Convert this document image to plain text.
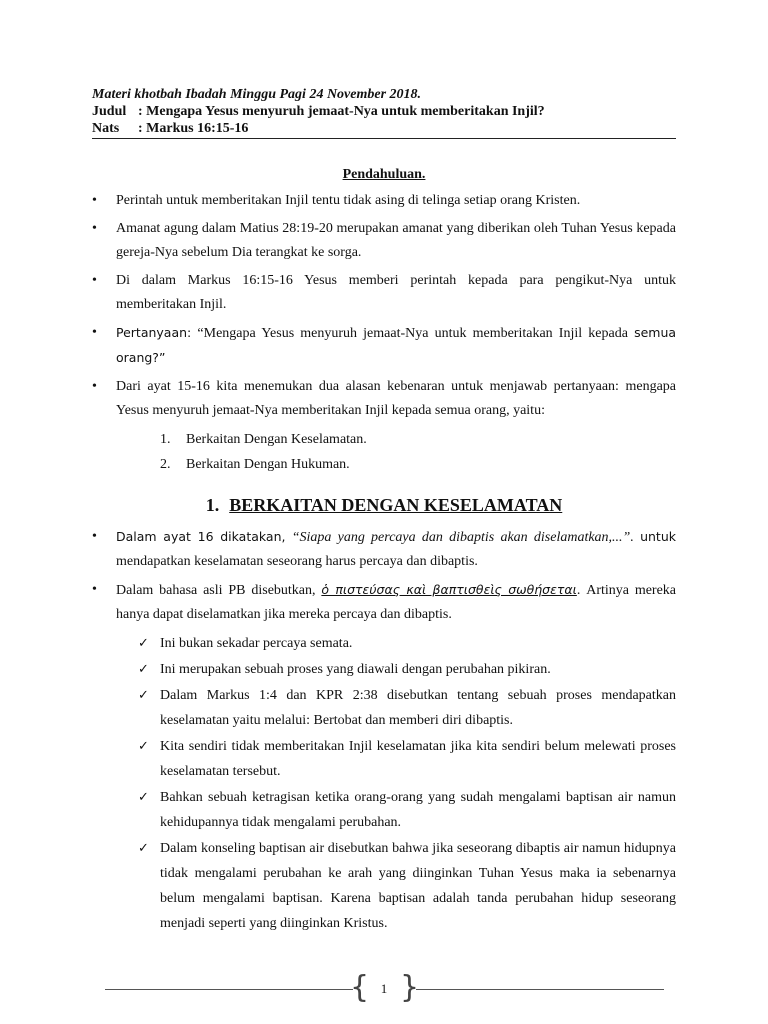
Materi khotbah Ibadah Minggu Pagi 24 November 2018.
Judul : Mengapa Yesus menyuruh jemaat-Nya untuk memberitakan Injil?
Nats : Markus 16:15-16
Pendahuluan.
• Perintah untuk memberitakan Injil tentu tidak asing di telinga setiap orang Kristen.
• Amanat agung dalam Matius 28:19-20 merupakan amanat yang diberikan oleh Tuhan Yesus kepada gereja-Nya sebelum Dia terangkat ke sorga.
• Di dalam Markus 16:15-16 Yesus memberi perintah kepada para pengikut-Nya untuk memberitakan Injil.
• Pertanyaan: “Mengapa Yesus menyuruh jemaat-Nya untuk memberitakan Injil kepada semua orang?”
• Dari ayat 15-16 kita menemukan dua alasan kebenaran untuk menjawab pertanyaan: mengapa Yesus menyuruh jemaat-Nya memberitakan Injil kepada semua orang, yaitu:
1. Berkaitan Dengan Keselamatan.
2. Berkaitan Dengan Hukuman.
1. BERKAITAN DENGAN KESELAMATAN
• Dalam ayat 16 dikatakan, “Siapa yang percaya dan dibaptis akan diselamatkan,...”. untuk mendapatkan keselamatan seseorang harus percaya dan dibaptis.
• Dalam bahasa asli PB disebutkan, ὁ πιστεύσας καὶ βαπτισθεὶς σωθήσεται. Artinya mereka hanya dapat diselamatkan jika mereka percaya dan dibaptis.
✓ Ini bukan sekadar percaya semata.
✓ Ini merupakan sebuah proses yang diawali dengan perubahan pikiran.
✓ Dalam Markus 1:4 dan KPR 2:38 disebutkan tentang sebuah proses mendapatkan keselamatan yaitu melalui: Bertobat dan memberi diri dibaptis.
✓ Kita sendiri tidak memberitakan Injil keselamatan jika kita sendiri belum melewati proses keselamatan tersebut.
✓ Bahkan sebuah ketragisan ketika orang-orang yang sudah mengalami baptisan air namun kehidupannya tidak mengalami perubahan.
✓ Dalam konseling baptisan air disebutkan bahwa jika seseorang dibaptis air namun hidupnya tidak mengalami perubahan ke arah yang diinginkan Tuhan Yesus maka ia sebenarnya belum mengalami baptisan. Karena baptisan adalah tanda perubahan hidup seseorang menjadi seperti yang diinginkan Kristus.
{ 1 }
